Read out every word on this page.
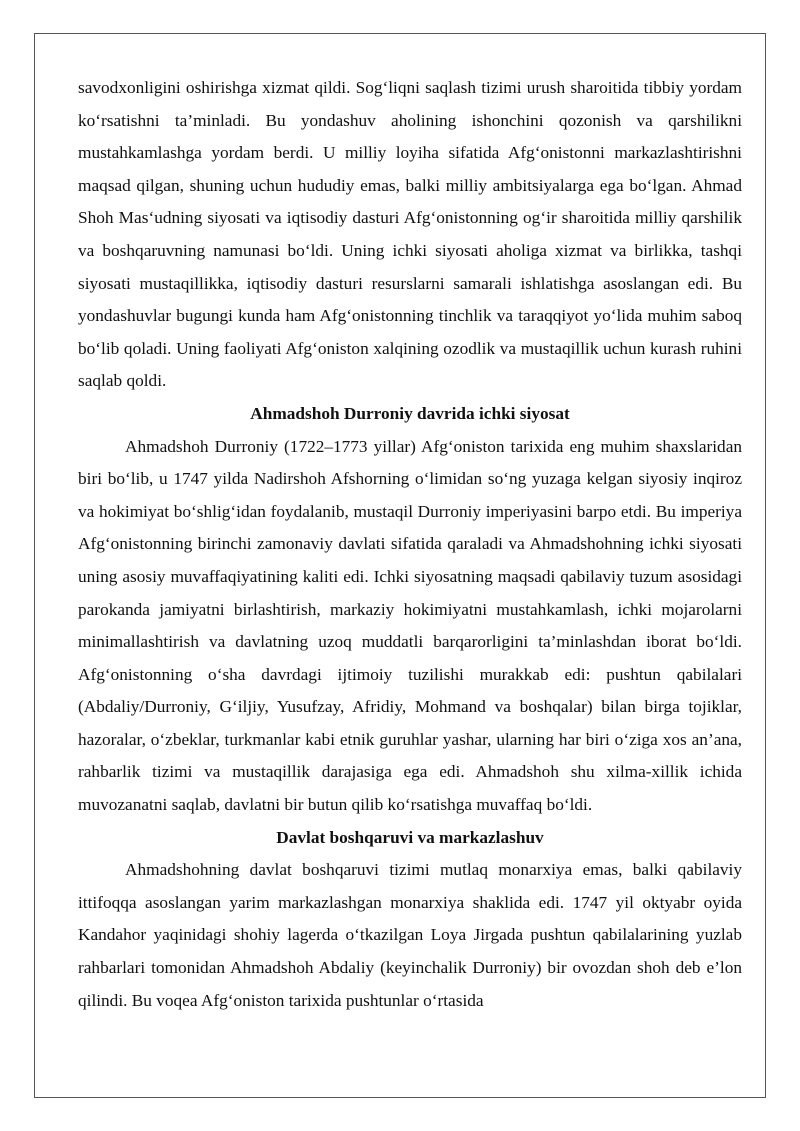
savodxonligini oshirishga xizmat qildi. Sog‘liqni saqlash tizimi urush sharoitida tibbiy yordam ko‘rsatishni ta’minladi. Bu yondashuv aholining ishonchini qozonish va qarshilikni mustahkamlashga yordam berdi. U milliy loyiha sifatida Afg‘onistonni markazlashtirishni maqsad qilgan, shuning uchun hududiy emas, balki milliy ambitsiyalarga ega bo‘lgan. Ahmad Shoh Mas‘udning siyosati va iqtisodiy dasturi Afg‘onistonning og‘ir sharoitida milliy qarshilik va boshqaruvning namunasi bo‘ldi. Uning ichki siyosati aholiga xizmat va birlikka, tashqi siyosati mustaqillikka, iqtisodiy dasturi resurslarni samarali ishlatishga asoslangan edi. Bu yondashuvlar bugungi kunda ham Afg‘onistonning tinchlik va taraqqiyot yo‘lida muhim saboq bo‘lib qoladi. Uning faoliyati Afg‘oniston xalqining ozodlik va mustaqillik uchun kurash ruhini saqlab qoldi.

Ahmadshoh Durroniy davrida ichki siyosat

Ahmadshoh Durroniy (1722–1773 yillar) Afg‘oniston tarixida eng muhim shaxslaridan biri bo‘lib, u 1747 yilda Nadirshoh Afshorning o‘limidan so‘ng yuzaga kelgan siyosiy inqiroz va hokimiyat bo‘shlig‘idan foydalanib, mustaqil Durroniy imperiyasini barpo etdi. Bu imperiya Afg‘onistonning birinchi zamonaviy davlati sifatida qaraladi va Ahmadshohning ichki siyosati uning asosiy muvaffaqiyatining kaliti edi. Ichki siyosatning maqsadi qabilaviy tuzum asosidagi parokanda jamiyatni birlashtirish, markaziy hokimiyatni mustahkamlash, ichki mojarolarni minimallashtirish va davlatning uzoq muddatli barqarorligini ta’minlashdan iborat bo‘ldi. Afg‘onistonning o‘sha davrdagi ijtimoiy tuzilishi murakkab edi: pushtun qabilalari (Abdaliy/Durroniy, G‘iljiy, Yusufzay, Afridiy, Mohmand va boshqalar) bilan birga tojiklar, hazoralar, o‘zbeklar, turkmanlar kabi etnik guruhlar yashar, ularning har biri o‘ziga xos an’ana, rahbarlik tizimi va mustaqillik darajasiga ega edi. Ahmadshoh shu xilma-xillik ichida muvozanatni saqlab, davlatni bir butun qilib ko‘rsatishga muvaffaq bo‘ldi.

Davlat boshqaruvi va markazlashuv

Ahmadshohning davlat boshqaruvi tizimi mutlaq monarxiya emas, balki qabilaviy ittifoqqa asoslangan yarim markazlashgan monarxiya shaklida edi. 1747 yil oktyabr oyida Kandahor yaqinidagi shohiy lagerda o‘tkazilgan Loya Jirgada pushtun qabilalarining yuzlab rahbarlari tomonidan Ahmadshoh Abdaliy (keyinchalik Durroniy) bir ovozdan shoh deb e’lon qilindi. Bu voqea Afg‘oniston tarixida pushtunlar o‘rtasida
